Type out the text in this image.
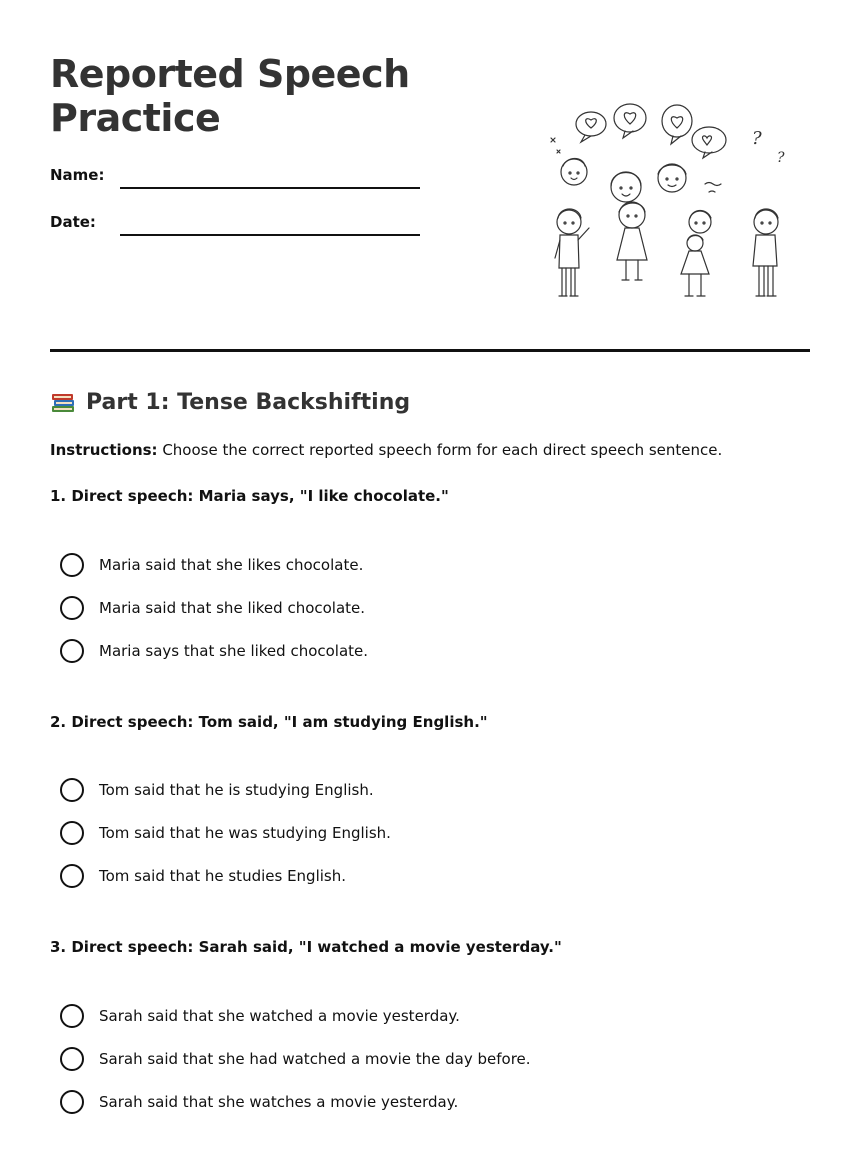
Reported Speech Practice
Name:
Date:
?
?
Part 1: Tense Backshifting
Instructions: Choose the correct reported speech form for each direct speech sentence.
1. Direct speech: Maria says, "I like chocolate."
Maria said that she likes chocolate.
Maria said that she liked chocolate.
Maria says that she liked chocolate.
2. Direct speech: Tom said, "I am studying English."
Tom said that he is studying English.
Tom said that he was studying English.
Tom said that he studies English.
3. Direct speech: Sarah said, "I watched a movie yesterday."
Sarah said that she watched a movie yesterday.
Sarah said that she had watched a movie the day before.
Sarah said that she watches a movie yesterday.
